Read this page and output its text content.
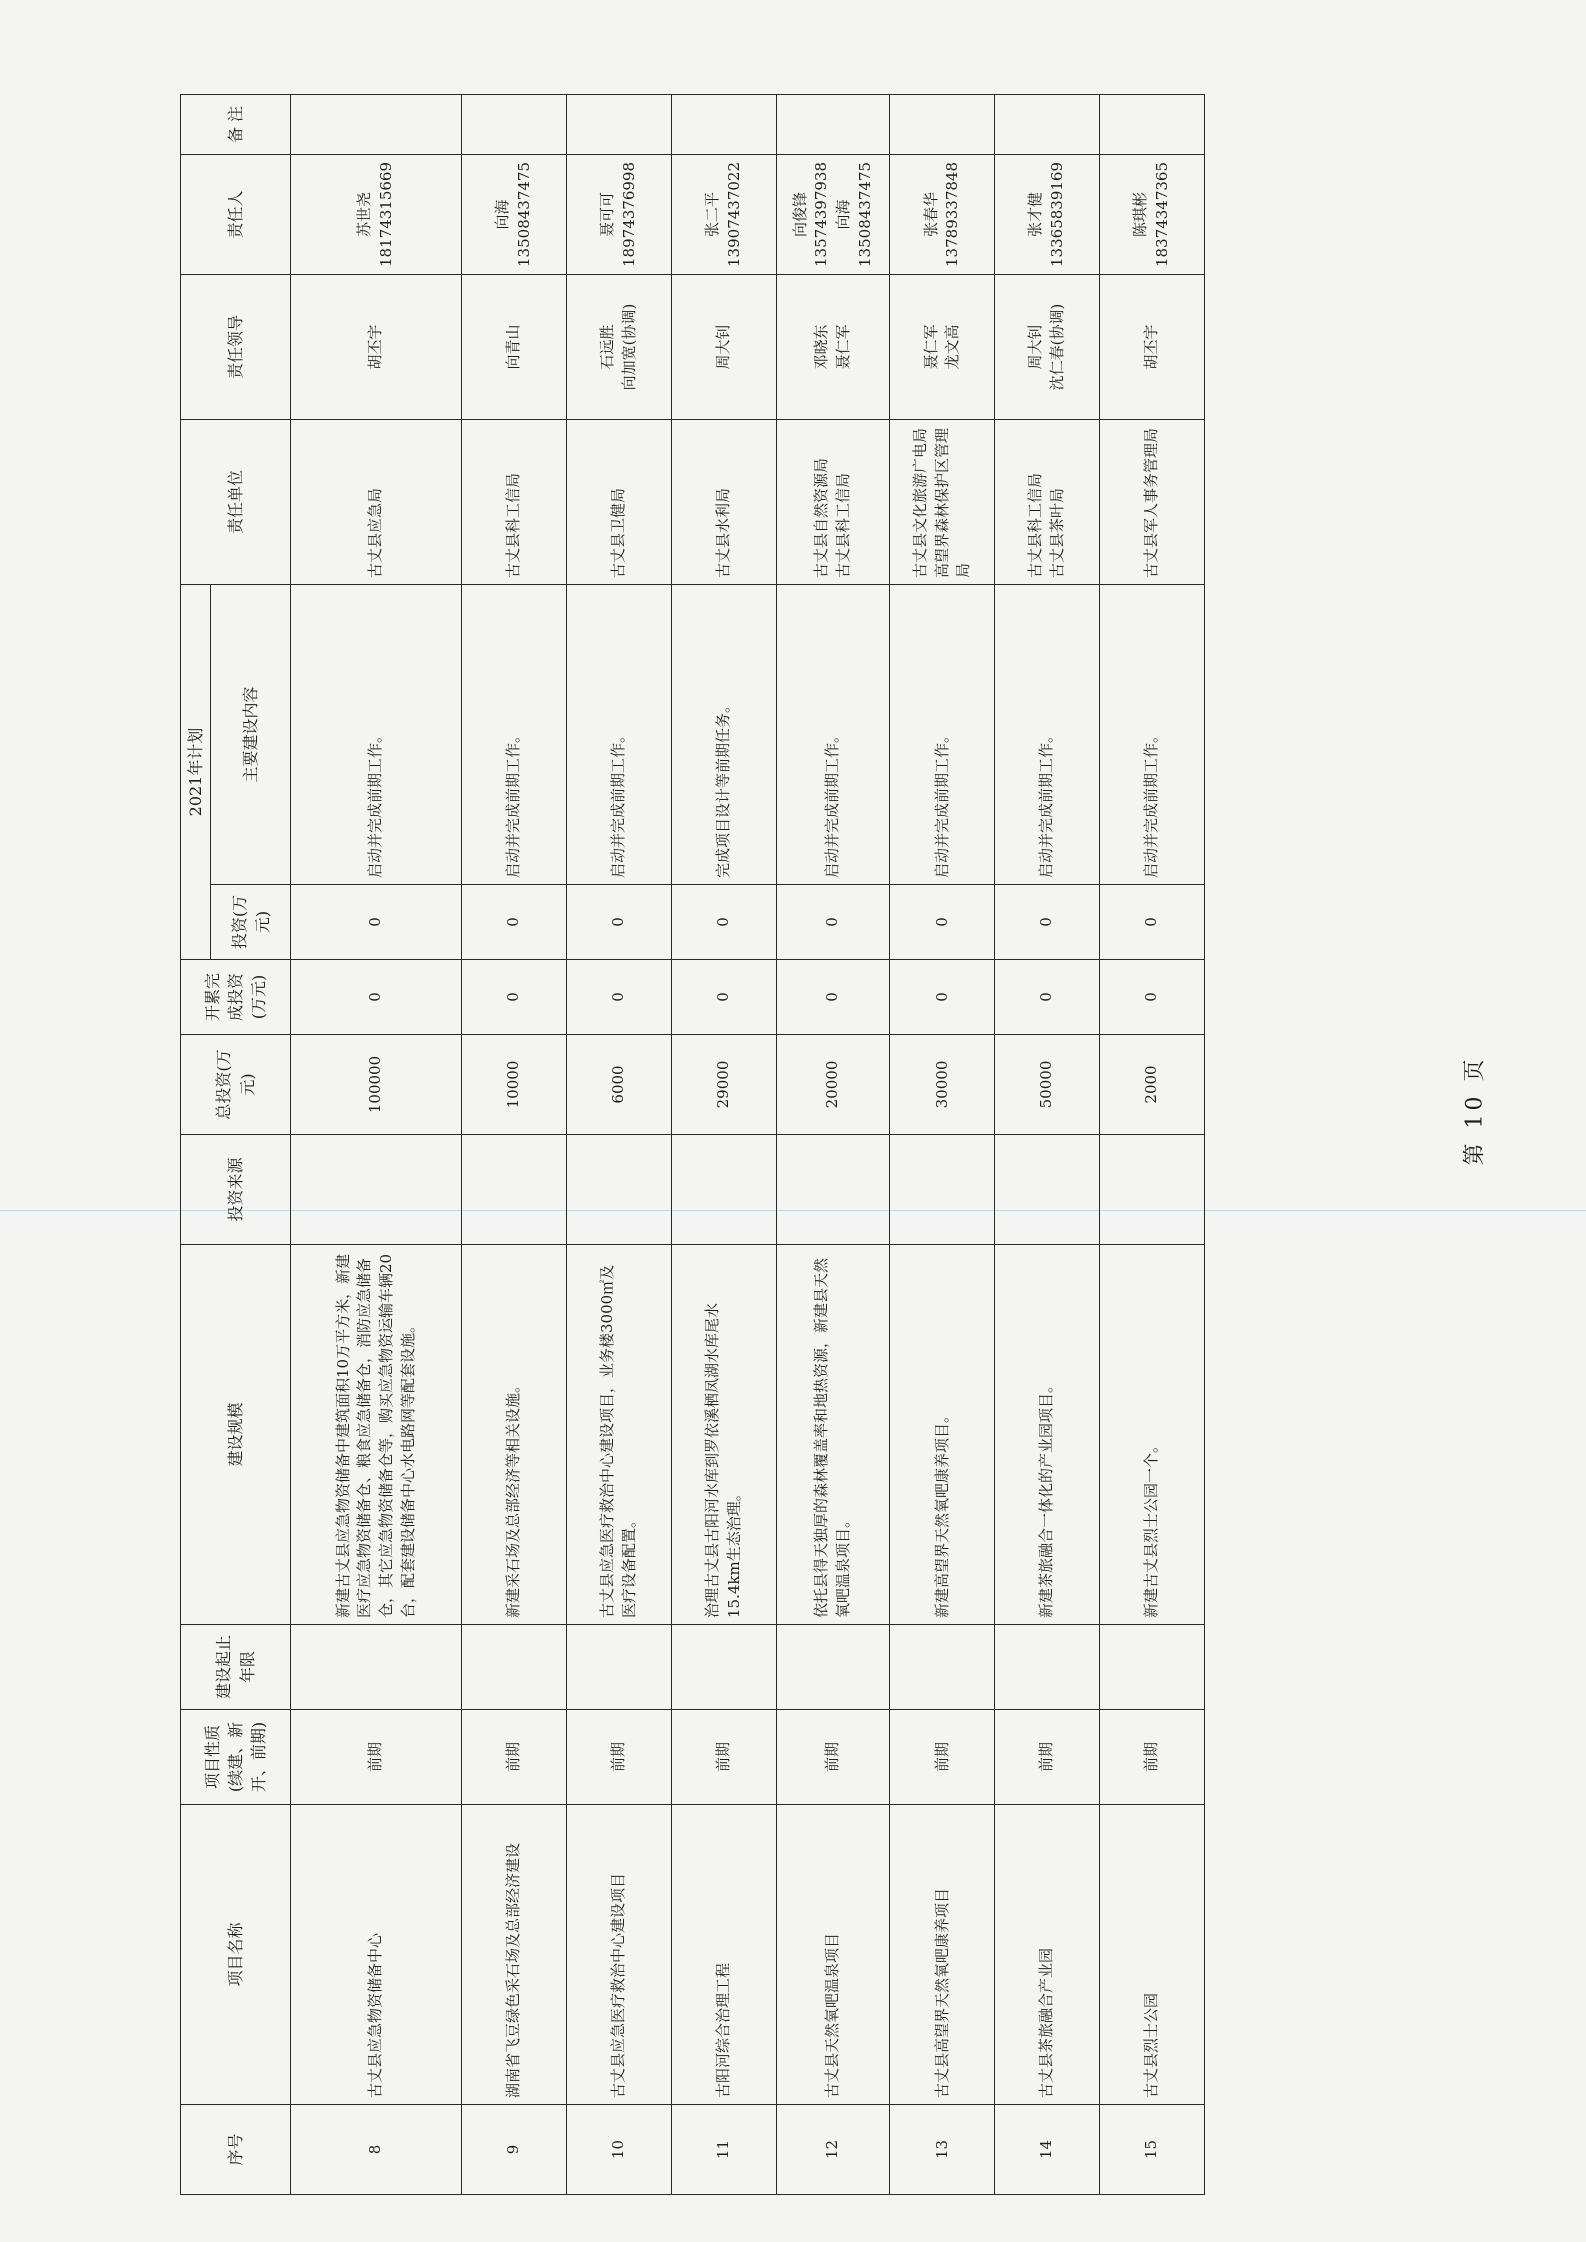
序号	项目名称	项目性质(续建、新开、前期)	建设起止年限	建设规模	投资来源	总投资(万元)	开累完成投资(万元)	2021年计划		责任单位	责任领导	责任人	备 注
								投资(万元)	主要建设内容				
8	古丈县应急物资储备中心	前期		新建古丈县应急物资储备中建筑面积10万平方米，新建医疗应急物资储备仓、粮食应急储备仓，消防应急储备仓，其它应急物资储备仓等，购买应急物资运输车辆20台，配套建设储备中心水电路网等配套设施。		100000	0	0	启动并完成前期工作。	古丈县应急局	胡丕宇	苏世尧 18174315669	

9	湖南省飞豆绿色采石场及总部经济建设	前期		新建采石场及总部经济等相关设施。		10000	0	0	启动并完成前期工作。	古丈县科工信局	向青山	向海 13508437475	

10	古丈县应急医疗救治中心建设项目	前期		古丈县应急医疗救治中心建设项目，业务楼3000㎡及医疗设备配置。		6000	0	0	启动并完成前期工作。	古丈县卫健局	石远胜 向加宽(协调)	聂可可 18974376998	

11	古阳河综合治理工程	前期		治理古丈县古阳河水库到罗依溪栖凤湖水库尾水15.4km生态治理。		29000	0	0	完成项目设计等前期任务。	古丈县水利局	周大钊	张二平 13907437022	

12	古丈县天然氧吧温泉项目	前期		依托县得天独厚的森林覆盖率和地热资源，新建县天然氧吧温泉项目。		20000	0	0	启动并完成前期工作。	古丈县自然资源局 古丈县科工信局	邓晓东 聂仁军	向俊锋 13574397938 向海 13508437475	

13	古丈县高望界天然氧吧康养项目	前期		新建高望界天然氧吧康养项目。		30000	0	0	启动并完成前期工作。	古丈县文化旅游广电局高望界森林保护区管理局	聂仁军 龙文高	张春华 13789337848	

14	古丈县茶旅融合产业园	前期		新建茶旅融合一体化的产业园项目。		50000	0	0	启动并完成前期工作。	古丈县科工信局 古丈县茶叶局	周大钊 沈仁春(协调)	张才健 13365839169	

15	古丈县烈士公园	前期		新建古丈县烈士公园一个。		2000	0	0	启动并完成前期工作。	古丈县军人事务管理局	胡丕宇	陈琪彬 18374347365	

第 10 页
